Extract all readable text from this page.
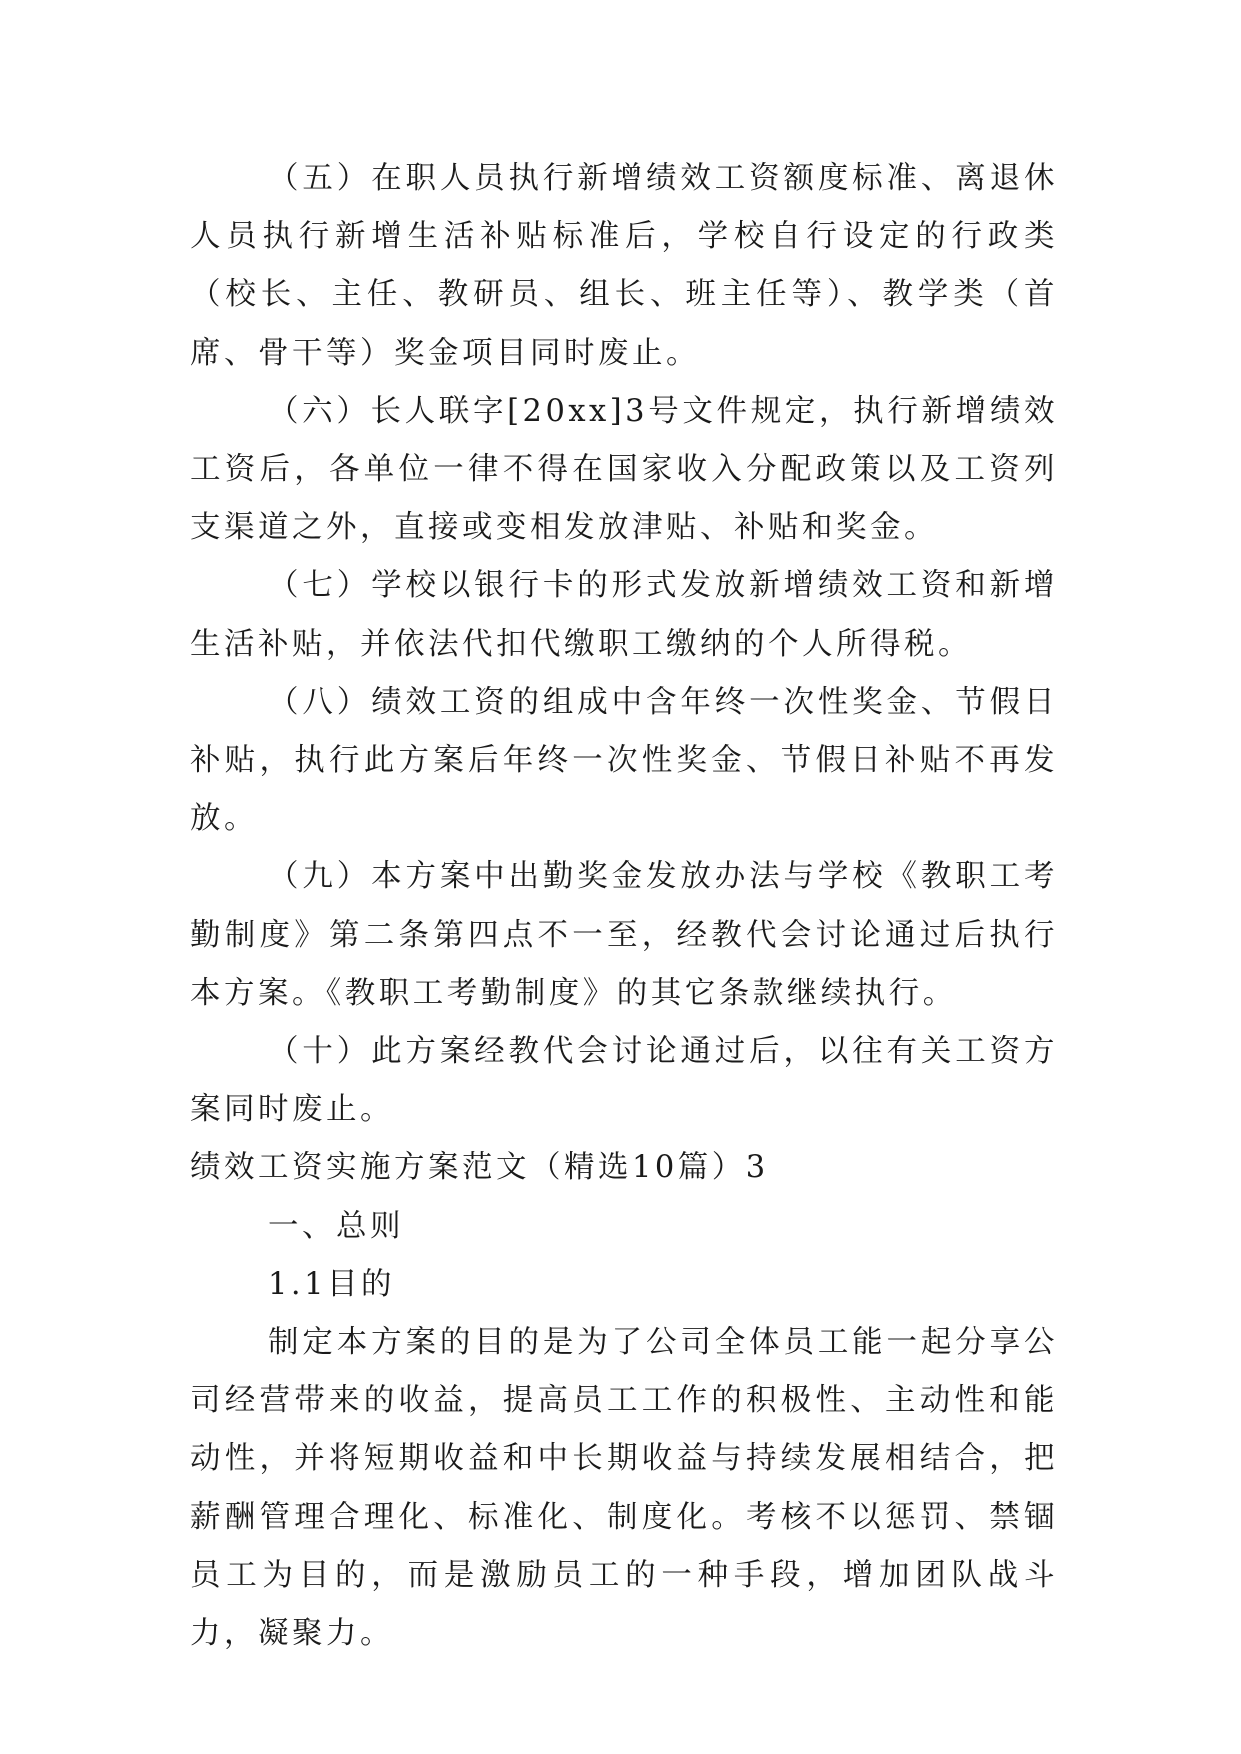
（五）在职人员执行新增绩效工资额度标准、离退休人员执行新增生活补贴标准后，学校自行设定的行政类（校长、主任、教研员、组长、班主任等）、教学类（首席、骨干等）奖金项目同时废止。

（六）长人联字[20xx]3号文件规定，执行新增绩效工资后，各单位一律不得在国家收入分配政策以及工资列支渠道之外，直接或变相发放津贴、补贴和奖金。

（七）学校以银行卡的形式发放新增绩效工资和新增生活补贴，并依法代扣代缴职工缴纳的个人所得税。

（八）绩效工资的组成中含年终一次性奖金、节假日补贴，执行此方案后年终一次性奖金、节假日补贴不再发放。

（九）本方案中出勤奖金发放办法与学校《教职工考勤制度》第二条第四点不一至，经教代会讨论通过后执行本方案。《教职工考勤制度》的其它条款继续执行。

（十）此方案经教代会讨论通过后，以往有关工资方案同时废止。

绩效工资实施方案范文（精选10篇）3

一、总则

1.1目的

制定本方案的目的是为了公司全体员工能一起分享公司经营带来的收益，提高员工工作的积极性、主动性和能动性，并将短期收益和中长期收益与持续发展相结合，把薪酬管理合理化、标准化、制度化。考核不以惩罚、禁锢员工为目的，而是激励员工的一种手段，增加团队战斗力，凝聚力。
